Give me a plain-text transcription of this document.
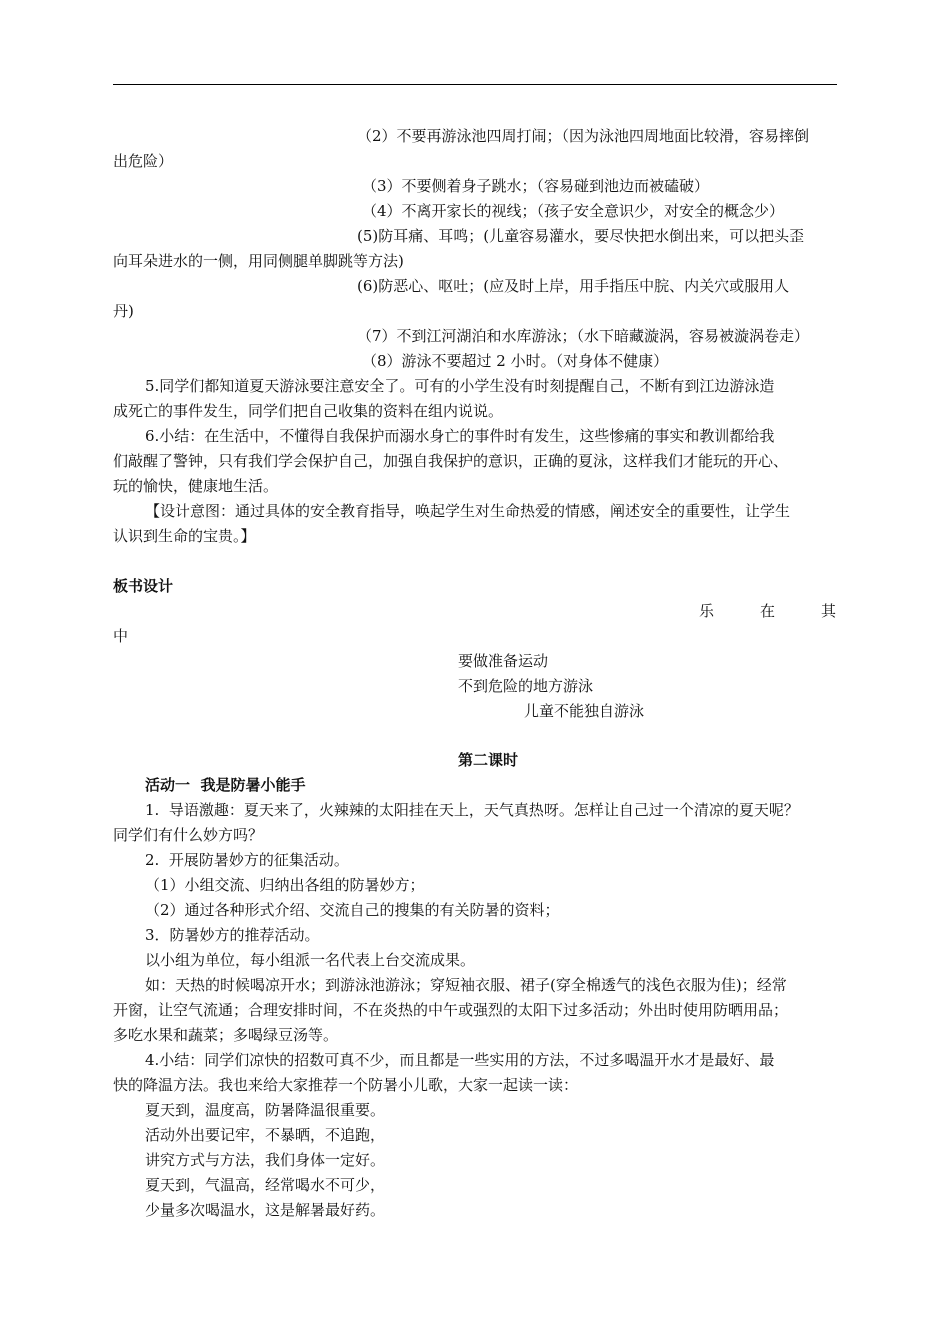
（2）不要再游泳池四周打闹；（因为泳池四周地面比较滑，容易摔倒
出危险）
（3）不要侧着身子跳水；（容易碰到池边而被磕破）
（4）不离开家长的视线；（孩子安全意识少，对安全的概念少）
(5)防耳痛、耳鸣；(儿童容易灌水，要尽快把水倒出来，可以把头歪
向耳朵进水的一侧，用同侧腿单脚跳等方法)
(6)防恶心、呕吐；(应及时上岸，用手指压中脘、内关穴或服用人
丹)
（7）不到江河湖泊和水库游泳；（水下暗藏漩涡，容易被漩涡卷走）
（8）游泳不要超过 2 小时。（对身体不健康）
5.同学们都知道夏天游泳要注意安全了。可有的小学生没有时刻提醒自己，不断有到江边游泳造
成死亡的事件发生，同学们把自己收集的资料在组内说说。
6.小结：在生活中，不懂得自我保护而溺水身亡的事件时有发生，这些惨痛的事实和教训都给我
们敲醒了警钟，只有我们学会保护自己，加强自我保护的意识，正确的夏泳，这样我们才能玩的开心、
玩的愉快，健康地生活。
【设计意图：通过具体的安全教育指导，唤起学生对生命热爱的情感，阐述安全的重要性，让学生
认识到生命的宝贵。】
板书设计
乐	在	其
中
要做准备运动
不到危险的地方游泳
儿童不能独自游泳
第二课时
活动一  我是防暑小能手
1.  导语激趣：夏天来了，火辣辣的太阳挂在天上，天气真热呀。怎样让自己过一个清凉的夏天呢？
同学们有什么妙方吗？
2.  开展防暑妙方的征集活动。
（1）小组交流、归纳出各组的防暑妙方；
（2）通过各种形式介绍、交流自己的搜集的有关防暑的资料；
3．防暑妙方的推荐活动。
以小组为单位，每小组派一名代表上台交流成果。
如：天热的时候喝凉开水；到游泳池游泳；穿短袖衣服、裙子(穿全棉透气的浅色衣服为佳)；经常
开窗，让空气流通；合理安排时间，不在炎热的中午或强烈的太阳下过多活动；外出时使用防晒用品；
多吃水果和蔬菜；多喝绿豆汤等。
4.小结：同学们凉快的招数可真不少，而且都是一些实用的方法，不过多喝温开水才是最好、最
快的降温方法。我也来给大家推荐一个防暑小儿歌，大家一起读一读：
夏天到，温度高，防暑降温很重要。
活动外出要记牢，不暴晒，不追跑，
讲究方式与方法，我们身体一定好。
夏天到，气温高，经常喝水不可少，
少量多次喝温水，这是解暑最好药。
